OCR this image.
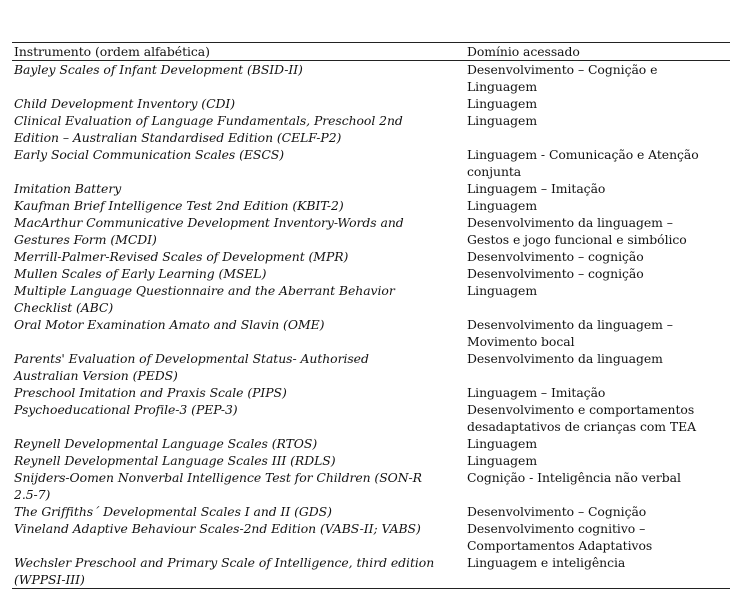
Instrumento (ordem alfabética)	Domínio acessado
Bayley Scales of Infant Development (BSID-II)	Desenvolvimento – Cognição e
Linguagem
Child Development Inventory (CDI)	Linguagem
Clinical Evaluation of Language Fundamentals, Preschool 2nd	Linguagem
Edition – Australian Standardised Edition (CELF-P2)
Early Social Communication Scales (ESCS)	Linguagem - Comunicação e Atenção
conjunta
Imitation Battery	Linguagem – Imitação
Kaufman Brief Intelligence Test 2nd Edition (KBIT-2)	Linguagem
MacArthur Communicative Development Inventory-Words and	Desenvolvimento da linguagem –
Gestures Form (MCDI)	Gestos e jogo funcional e simbólico
Merrill-Palmer-Revised Scales of Development (MPR)	Desenvolvimento – cognição
Mullen Scales of Early Learning (MSEL)	Desenvolvimento – cognição
Multiple Language Questionnaire and the Aberrant Behavior	Linguagem
Checklist (ABC)
Oral Motor Examination Amato and Slavin (OME)	Desenvolvimento da linguagem –
Movimento bocal
Parents' Evaluation of Developmental Status- Authorised	Desenvolvimento da linguagem
Australian Version (PEDS)
Preschool Imitation and Praxis Scale (PIPS)	Linguagem – Imitação
Psychoeducational Profile-3 (PEP-3)	Desenvolvimento e comportamentos
desadaptativos de crianças com TEA
Reynell Developmental Language Scales (RTOS)	Linguagem
Reynell Developmental Language Scales III (RDLS)	Linguagem
Snijders-Oomen Nonverbal Intelligence Test for Children (SON-R	Cognição - Inteligência não verbal
2.5-7)
The Griffiths´ Developmental Scales I and II (GDS)	Desenvolvimento – Cognição
Vineland Adaptive Behaviour Scales-2nd Edition (VABS-II; VABS)	Desenvolvimento cognitivo –
Comportamentos Adaptativos
Wechsler Preschool and Primary Scale of Intelligence, third edition	Linguagem e inteligência
(WPPSI-III)
